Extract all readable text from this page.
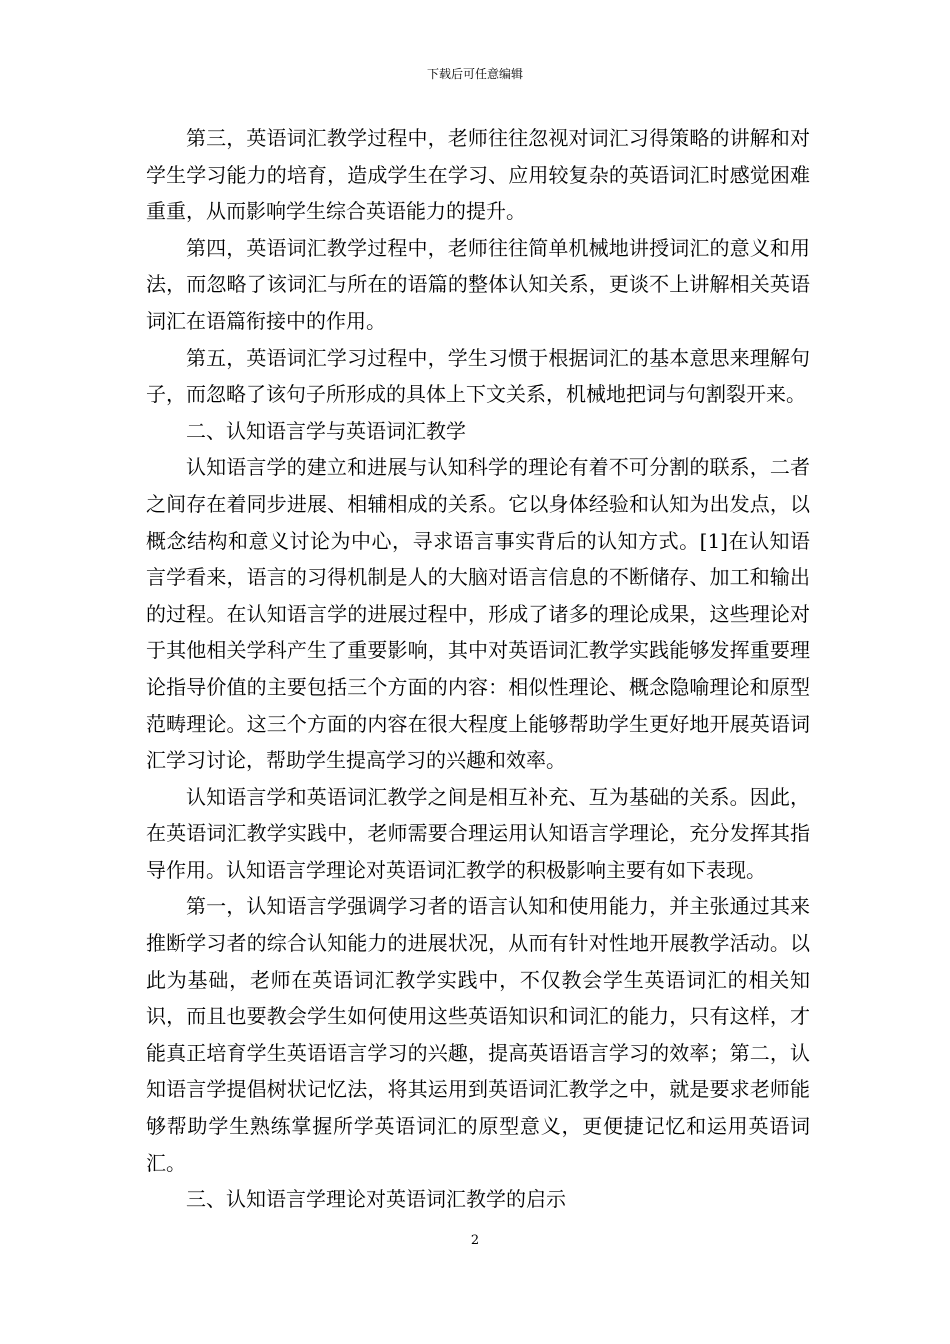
下载后可任意编辑

第三，英语词汇教学过程中，老师往往忽视对词汇习得策略的讲解和对学生学习能力的培育，造成学生在学习、应用较复杂的英语词汇时感觉困难重重，从而影响学生综合英语能力的提升。

第四，英语词汇教学过程中，老师往往简单机械地讲授词汇的意义和用法，而忽略了该词汇与所在的语篇的整体认知关系，更谈不上讲解相关英语词汇在语篇衔接中的作用。

第五，英语词汇学习过程中，学生习惯于根据词汇的基本意思来理解句子，而忽略了该句子所形成的具体上下文关系，机械地把词与句割裂开来。

二、认知语言学与英语词汇教学

认知语言学的建立和进展与认知科学的理论有着不可分割的联系，二者之间存在着同步进展、相辅相成的关系。它以身体经验和认知为出发点，以概念结构和意义讨论为中心，寻求语言事实背后的认知方式。[1]在认知语言学看来，语言的习得机制是人的大脑对语言信息的不断储存、加工和输出的过程。在认知语言学的进展过程中，形成了诸多的理论成果，这些理论对于其他相关学科产生了重要影响，其中对英语词汇教学实践能够发挥重要理论指导价值的主要包括三个方面的内容：相似性理论、概念隐喻理论和原型范畴理论。这三个方面的内容在很大程度上能够帮助学生更好地开展英语词汇学习讨论，帮助学生提高学习的兴趣和效率。

认知语言学和英语词汇教学之间是相互补充、互为基础的关系。因此，在英语词汇教学实践中，老师需要合理运用认知语言学理论，充分发挥其指导作用。认知语言学理论对英语词汇教学的积极影响主要有如下表现。

第一，认知语言学强调学习者的语言认知和使用能力，并主张通过其来推断学习者的综合认知能力的进展状况，从而有针对性地开展教学活动。以此为基础，老师在英语词汇教学实践中，不仅教会学生英语词汇的相关知识，而且也要教会学生如何使用这些英语知识和词汇的能力，只有这样，才能真正培育学生英语语言学习的兴趣，提高英语语言学习的效率；第二，认知语言学提倡树状记忆法，将其运用到英语词汇教学之中，就是要求老师能够帮助学生熟练掌握所学英语词汇的原型意义，更便捷记忆和运用英语词汇。

三、认知语言学理论对英语词汇教学的启示

2
